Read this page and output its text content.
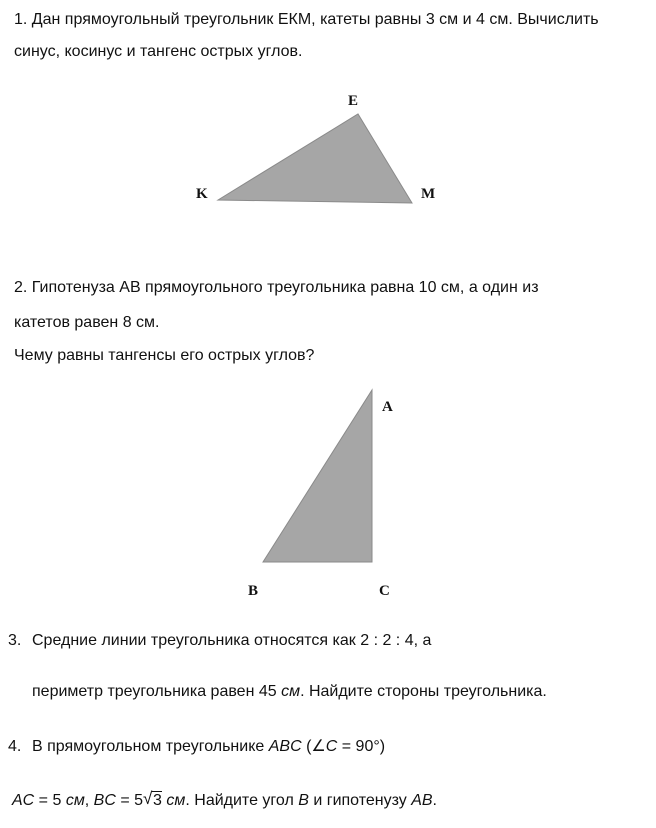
1. Дан прямоугольный треугольник ЕКМ, катеты равны 3 см и 4 см. Вычислить
синус, косинус и тангенс острых углов.
E
K	M
2. Гипотенуза АВ прямоугольного треугольника равна 10 см, а один из
катетов равен 8 см.
Чему равны тангенсы его острых углов?
A
B	C
3. Средние линии треугольника относятся как 2 : 2 : 4, а
периметр треугольника равен 45 см. Найдите стороны треугольника.
4. В прямоугольном треугольнике ABC (∠C = 90°)
AC = 5 см, BC = 5 √ 3 см. Найдите угол B и гипотенузу AB.
